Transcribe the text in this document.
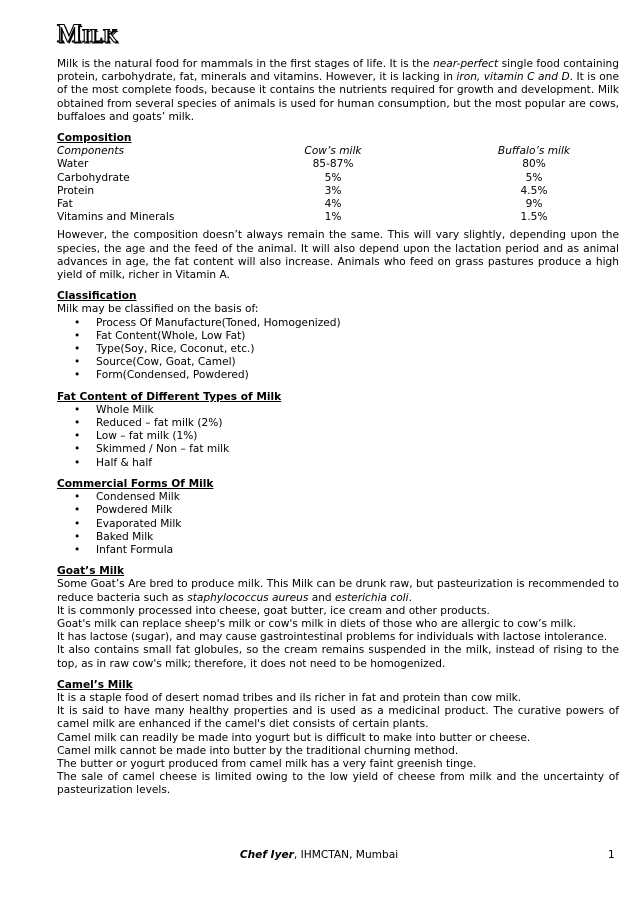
MILK

Milk is the natural food for mammals in the first stages of life. It is the near-perfect single food containing protein, carbohydrate, fat, minerals and vitamins. However, it is lacking in iron, vitamin C and D. It is one of the most complete foods, because it contains the nutrients required for growth and development. Milk obtained from several species of animals is used for human consumption, but the most popular are cows, buffaloes and goats’ milk.

Composition
Components	Cow’s milk	Buffalo’s milk
Water	85-87%	80%
Carbohydrate	5%	5%
Protein	3%	4.5%
Fat	4%	9%
Vitamins and Minerals	1%	1.5%

However, the composition doesn’t always remain the same. This will vary slightly, depending upon the species, the age and the feed of the animal. It will also depend upon the lactation period and as animal advances in age, the fat content will also increase. Animals who feed on grass pastures produce a high yield of milk, richer in Vitamin A.

Classification

Milk may be classified on the basis of:

• Process Of Manufacture(Toned, Homogenized)
• Fat Content(Whole, Low Fat)
• Type(Soy, Rice, Coconut, etc.)
• Source(Cow, Goat, Camel)
• Form(Condensed, Powdered)
Fat Content of Different Types of Milk
• Whole Milk
• Reduced – fat milk (2%)
• Low – fat milk (1%)
• Skimmed / Non – fat milk
• Half & half
Commercial Forms Of Milk
• Condensed Milk
• Powdered Milk
• Evaporated Milk
• Baked Milk
• Infant Formula
Goat’s Milk

Some Goat’s Are bred to produce milk. This Milk can be drunk raw, but pasteurization is recommended to reduce bacteria such as staphylococcus aureus and esterichia coli.

It is commonly processed into cheese, goat butter, ice cream and other products.

Goat's milk can replace sheep's milk or cow's milk in diets of those who are allergic to cow’s milk.

It has lactose (sugar), and may cause gastrointestinal problems for individuals with lactose intolerance.

It also contains small fat globules, so the cream remains suspended in the milk, instead of rising to the top, as in raw cow's milk; therefore, it does not need to be homogenized.

Camel’s Milk

It is a staple food of desert nomad tribes and iIs richer in fat and protein than cow milk.

It is said to have many healthy properties and is used as a medicinal product. The curative powers of camel milk are enhanced if the camel's diet consists of certain plants.

Camel milk can readily be made into yogurt but is difficult to make into butter or cheese.

Camel milk cannot be made into butter by the traditional churning method.

The butter or yogurt produced from camel milk has a very faint greenish tinge.

The sale of camel cheese is limited owing to the low yield of cheese from milk and the uncertainty of pasteurization levels.

Chef Iyer, IHMCTAN, Mumbai	1
